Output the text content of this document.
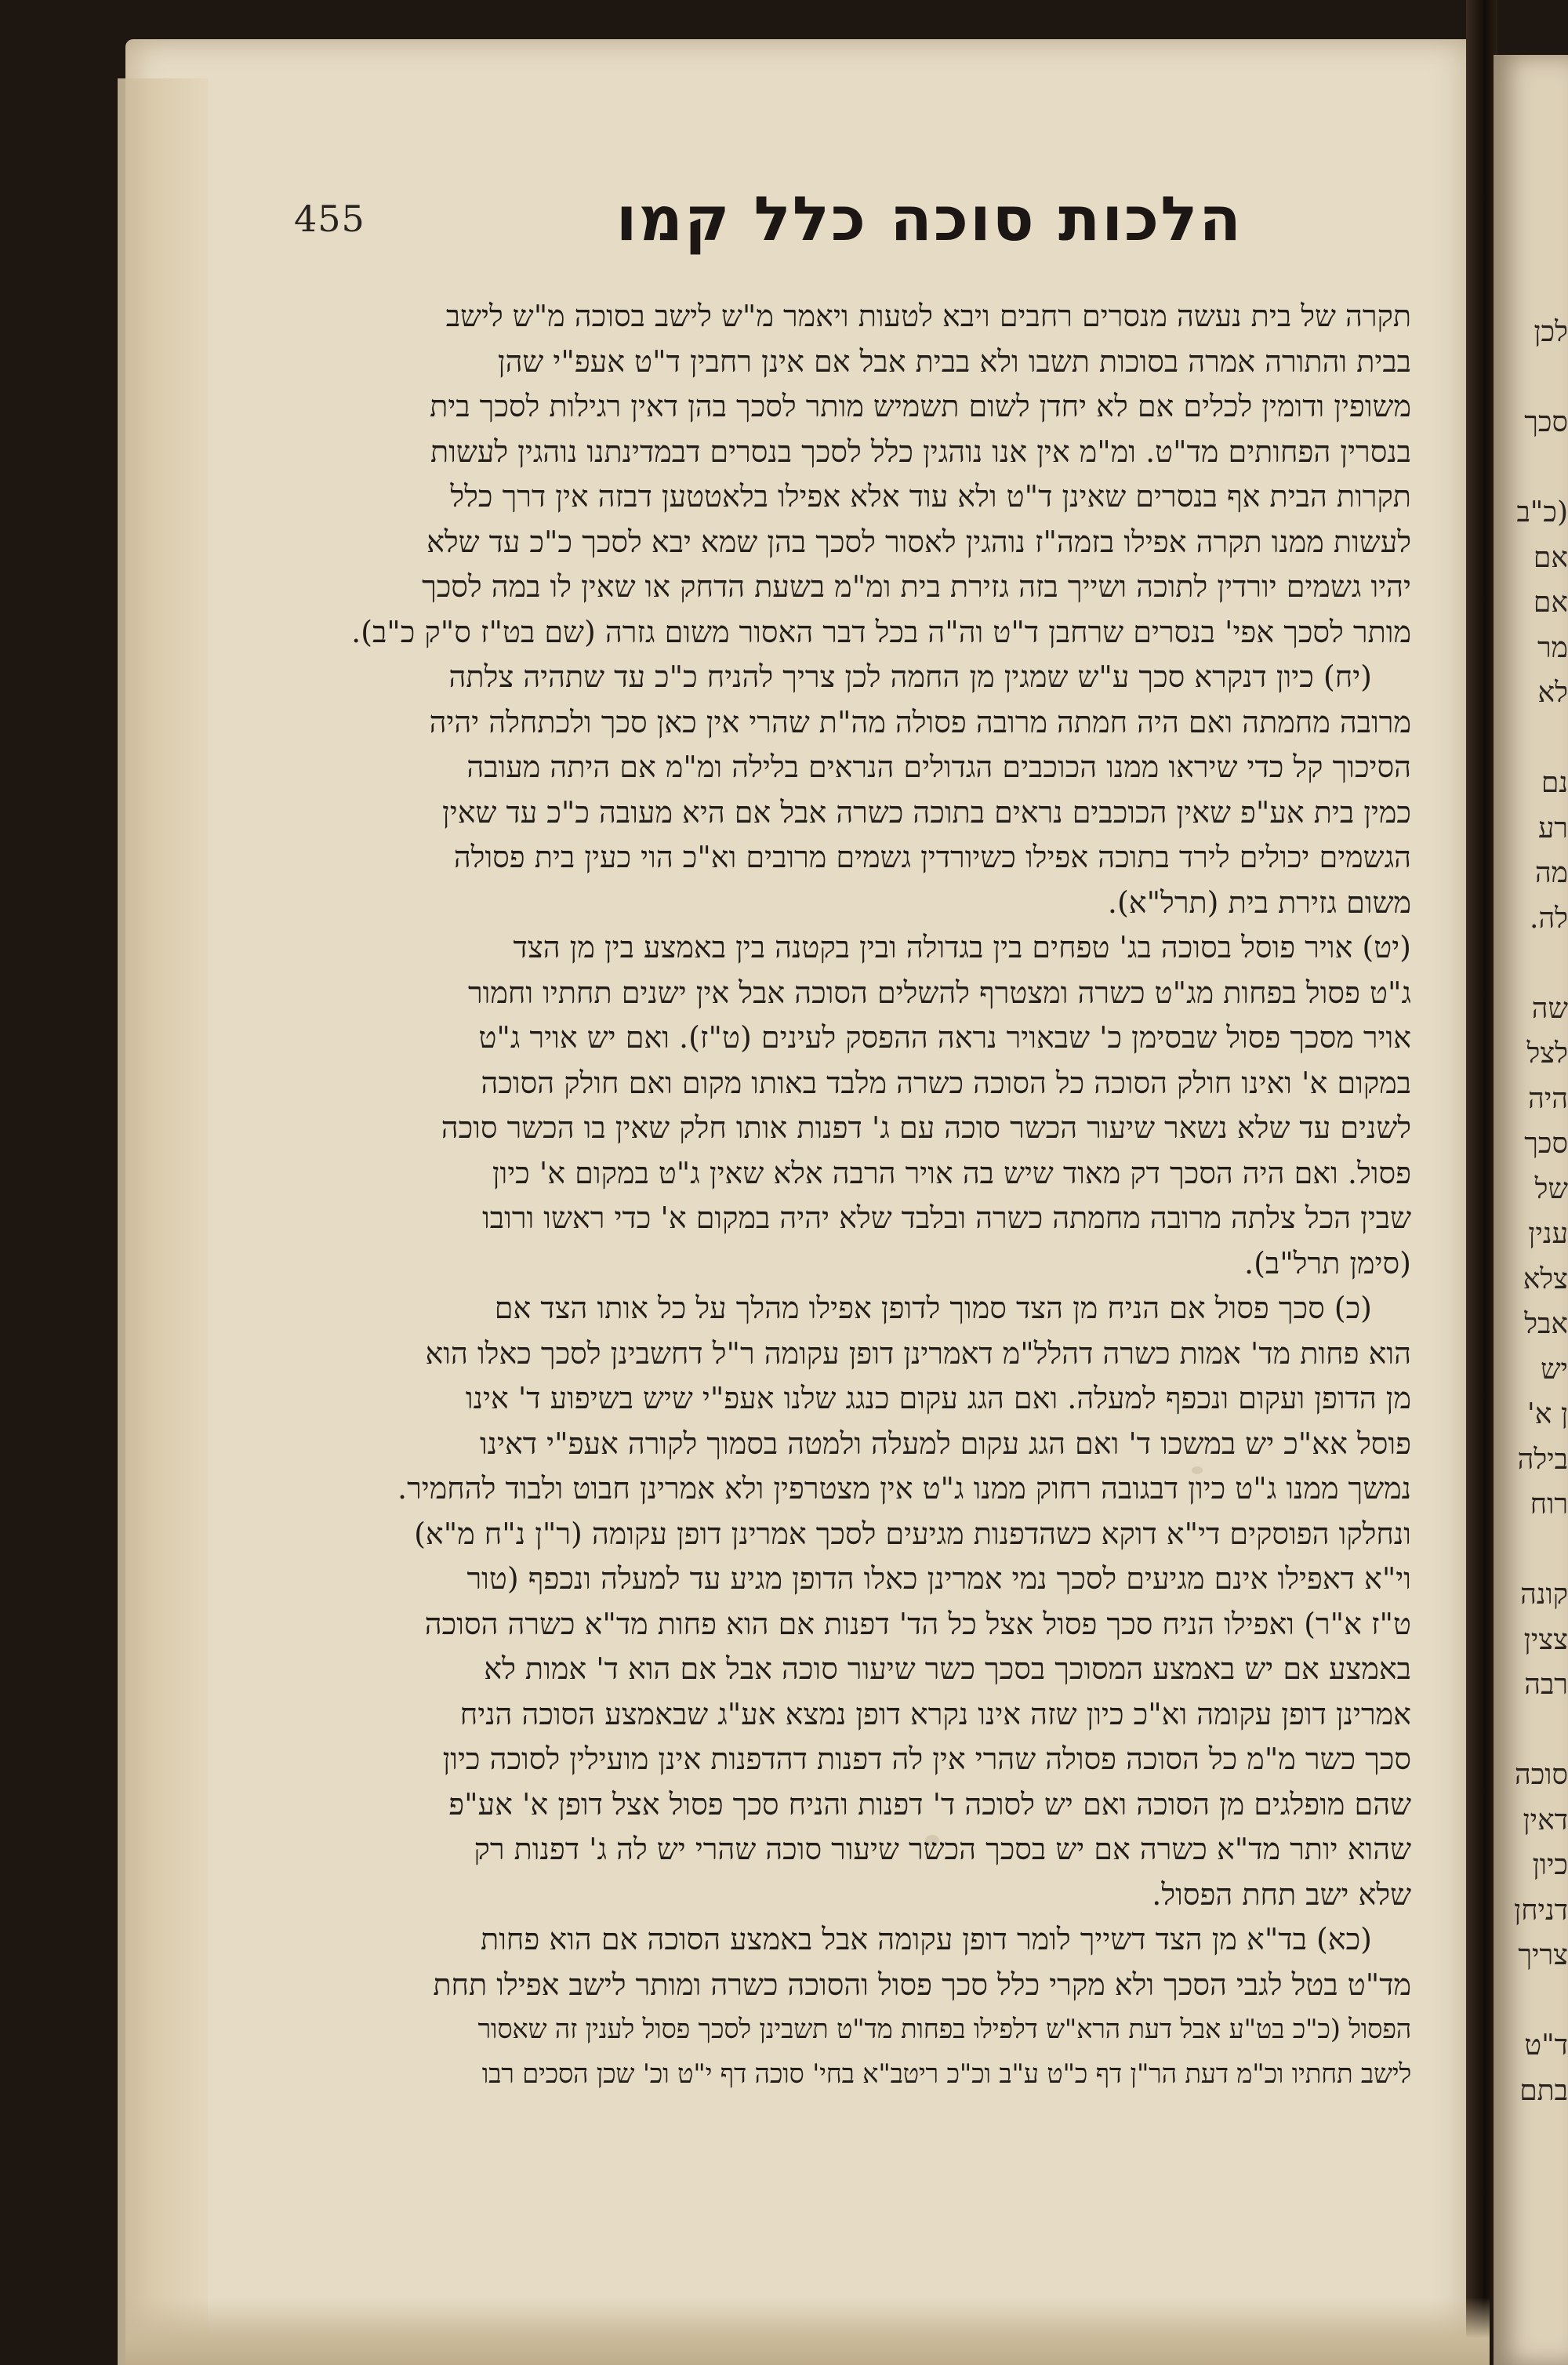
455	הלכות סוכה כלל קמו

תקרה של בית נעשה מנסרים רחבים ויבא לטעות ויאמר מ"ש לישב בסוכה מ"ש לישב

בבית והתורה אמרה בסוכות תשבו ולא בבית אבל אם אינן רחבין ד"ט אעפ"י שהן

משופין ודומין לכלים אם לא יחדן לשום תשמיש מותר לסכך בהן דאין רגילות לסכך בית

בנסרין הפחותים מד"ט. ומ"מ אין אנו נוהגין כלל לסכך בנסרים דבמדינתנו נוהגין לעשות

תקרות הבית אף בנסרים שאינן ד"ט ולא עוד אלא אפילו בלאטטען דבזה אין דרך כלל

לעשות ממנו תקרה אפילו בזמה"ז נוהגין לאסור לסכך בהן שמא יבא לסכך כ"כ עד שלא

יהיו גשמים יורדין לתוכה ושייך בזה גזירת בית ומ"מ בשעת הדחק או שאין לו במה לסכך

מותר לסכך אפי' בנסרים שרחבן ד"ט וה"ה בכל דבר האסור משום גזרה (שם בט"ז ס"ק כ"ב).

(יח) כיון דנקרא סכך ע"ש שמגין מן החמה לכן צריך להניח כ"כ עד שתהיה צלתה

מרובה מחמתה ואם היה חמתה מרובה פסולה מה"ת שהרי אין כאן סכך ולכתחלה יהיה

הסיכוך קל כדי שיראו ממנו הכוכבים הגדולים הנראים בלילה ומ"מ אם היתה מעובה

כמין בית אע"פ שאין הכוכבים נראים בתוכה כשרה אבל אם היא מעובה כ"כ עד שאין

הגשמים יכולים לירד בתוכה אפילו כשיורדין גשמים מרובים וא"כ הוי כעין בית פסולה

משום גזירת בית (תרל"א).

(יט) אויר פוסל בסוכה בג' טפחים בין בגדולה ובין בקטנה בין באמצע בין מן הצד

ג"ט פסול בפחות מג"ט כשרה ומצטרף להשלים הסוכה אבל אין ישנים תחתיו וחמור

אויר מסכך פסול שבסימן כ' שבאויר נראה ההפסק לעינים (ט"ז). ואם יש אויר ג"ט

במקום א' ואינו חולק הסוכה כל הסוכה כשרה מלבד באותו מקום ואם חולק הסוכה

לשנים עד שלא נשאר שיעור הכשר סוכה עם ג' דפנות אותו חלק שאין בו הכשר סוכה

פסול. ואם היה הסכך דק מאוד שיש בה אויר הרבה אלא שאין ג"ט במקום א' כיון

שבין הכל צלתה מרובה מחמתה כשרה ובלבד שלא יהיה במקום א' כדי ראשו ורובו

(סימן תרל"ב).

(כ) סכך פסול אם הניח מן הצד סמוך לדופן אפילו מהלך על כל אותו הצד אם

הוא פחות מד' אמות כשרה דהלל"מ דאמרינן דופן עקומה ר"ל דחשבינן לסכך כאלו הוא

מן הדופן ועקום ונכפף למעלה. ואם הגג עקום כנגג שלנו אעפ"י שיש בשיפוע ד' אינו

פוסל אא"כ יש במשכו ד' ואם הגג עקום למעלה ולמטה בסמוך לקורה אעפ"י דאינו

נמשך ממנו ג"ט כיון דבגובה רחוק ממנו ג"ט אין מצטרפין ולא אמרינן חבוט ולבוד להחמיר.

ונחלקו הפוסקים די"א דוקא כשהדפנות מגיעים לסכך אמרינן דופן עקומה (ר"ן נ"ח מ"א)

וי"א דאפילו אינם מגיעים לסכך נמי אמרינן כאלו הדופן מגיע עד למעלה ונכפף (טור

ט"ז א"ר) ואפילו הניח סכך פסול אצל כל הד' דפנות אם הוא פחות מד"א כשרה הסוכה

באמצע אם יש באמצע המסוכך בסכך כשר שיעור סוכה אבל אם הוא ד' אמות לא

אמרינן דופן עקומה וא"כ כיון שזה אינו נקרא דופן נמצא אע"ג שבאמצע הסוכה הניח

סכך כשר מ"מ כל הסוכה פסולה שהרי אין לה דפנות דהדפנות אינן מועילין לסוכה כיון

שהם מופלגים מן הסוכה ואם יש לסוכה ד' דפנות והניח סכך פסול אצל דופן א' אע"פ

שהוא יותר מד"א כשרה אם יש בסכך הכשר שיעור סוכה שהרי יש לה ג' דפנות רק

שלא ישב תחת הפסול.

(כא) בד"א מן הצד דשייך לומר דופן עקומה אבל באמצע הסוכה אם הוא פחות

מד"ט בטל לגבי הסכך ולא מקרי כלל סכך פסול והסוכה כשרה ומותר לישב אפילו תחת

הפסול (כ"כ בט"ע אבל דעת הרא"ש דלפילו בפחות מד"ט תשבינן לסכך פסול לענין זה שאסור

לישב תחתיו וכ"מ דעת הר"ן דף כ"ט ע"ב וכ"כ ריטב"א בחי' סוכה דף י"ט וכ' שכן הסכים רבו

לכן
סכך
(כ"ב
אם
אם
מר
לא
נם
רע
מה
לה.
שה
לצל
היה
סכך
של
ענין
צלא
אבל
יש
ן א'
בילה
רוח
קונה
צצין
רבה
סוכה
דאין
כיון
דניחן
צריך
ד"ט
בתם
